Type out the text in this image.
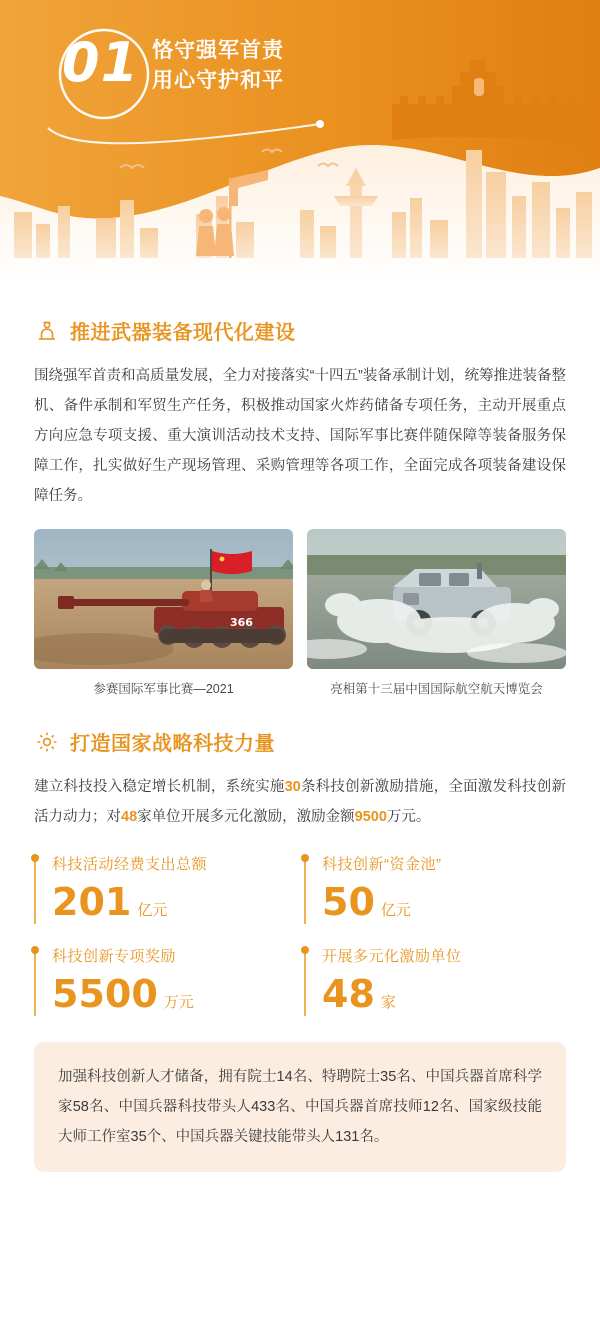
01 恪守强军首责
用心守护和平
推进武器装备现代化建设
围绕强军首责和高质量发展，全力对接落实“十四五”装备承制计划，统筹推进装备整机、备件承制和军贸生产任务，积极推动国家火炸药储备专项任务，主动开展重点方向应急专项支援、重大演训活动技术支持、国际军事比赛伴随保障等装备服务保障工作，扎实做好生产现场管理、采购管理等各项工作，全面完成各项装备建设保障任务。
366
参赛国际军事比赛—2021	亮相第十三届中国国际航空航天博览会
打造国家战略科技力量
建立科技投入稳定增长机制，系统实施30条科技创新激励措施，全面激发科技创新活力动力；对48家单位开展多元化激励，激励金额9500万元。
科技活动经费支出总额
201 亿元
科技创新“资金池”
50 亿元
科技创新专项奖励
5500 万元
开展多元化激励单位
48 家
加强科技创新人才储备，拥有院士14名、特聘院士35名、中国兵器首席科学家58名、中国兵器科技带头人433名、中国兵器首席技师12名、国家级技能大师工作室35个、中国兵器关键技能带头人131名。
